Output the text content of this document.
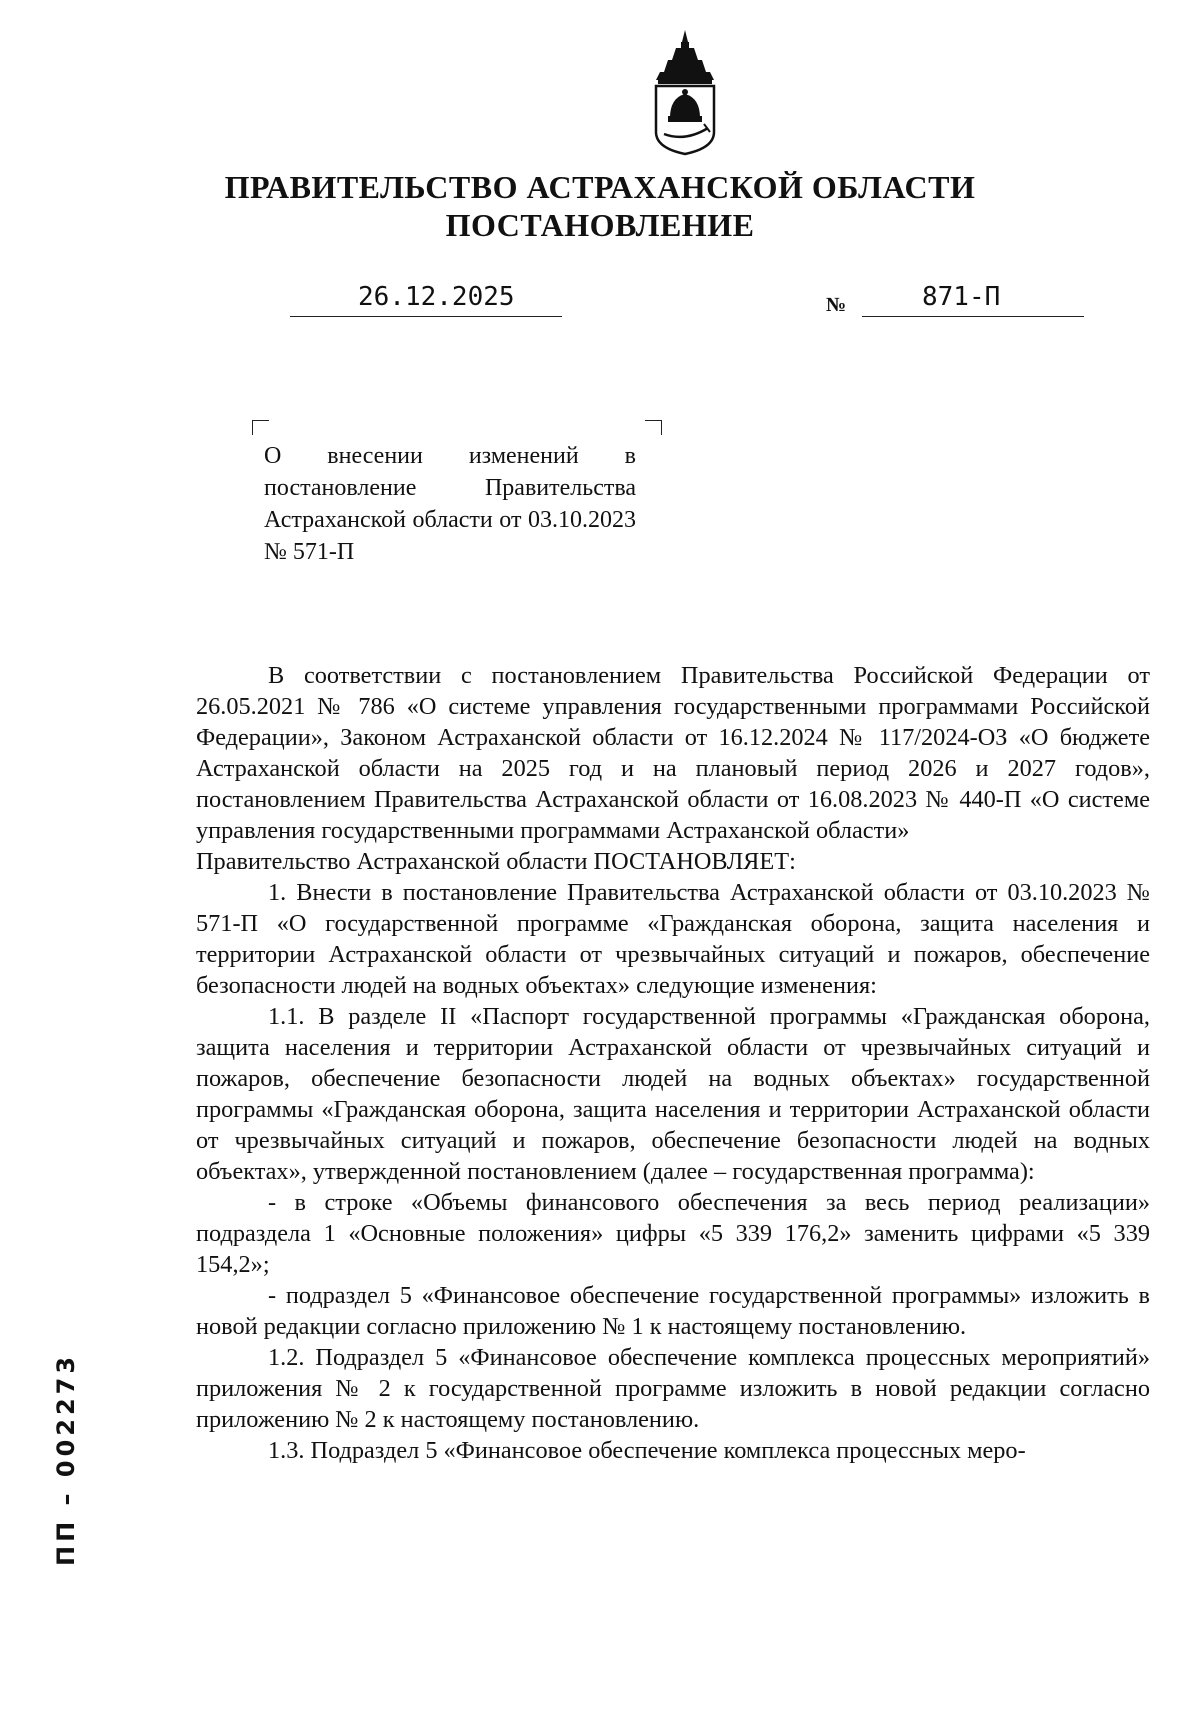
ПРАВИТЕЛЬСТВО АСТРАХАНСКОЙ ОБЛАСТИ
ПОСТАНОВЛЕНИЕ
26.12.2025	№	871-П
О внесении изменений в постановление Правительства Астраханской области от 03.10.2023 № 571-П

В соответствии с постановлением Правительства Российской Федерации от 26.05.2021 № 786 «О системе управления государственными программами Российской Федерации», Законом Астраханской области от 16.12.2024 № 117/2024-ОЗ «О бюджете Астраханской области на 2025 год и на плановый период 2026 и 2027 годов», постановлением Правительства Астраханской области от 16.08.2023 № 440-П «О системе управления государственными программами Астраханской области»

Правительство Астраханской области ПОСТАНОВЛЯЕТ:

1. Внести в постановление Правительства Астраханской области от 03.10.2023 № 571-П «О государственной программе «Гражданская оборона, защита населения и территории Астраханской области от чрезвычайных ситуаций и пожаров, обеспечение безопасности людей на водных объектах» следующие изменения:

1.1. В разделе II «Паспорт государственной программы «Гражданская оборона, защита населения и территории Астраханской области от чрезвычайных ситуаций и пожаров, обеспечение безопасности людей на водных объектах» государственной программы «Гражданская оборона, защита населения и территории Астраханской области от чрезвычайных ситуаций и пожаров, обеспечение безопасности людей на водных объектах», утвержденной постановлением (далее – государственная программа):

- в строке «Объемы финансового обеспечения за весь период реализации» подраздела 1 «Основные положения» цифры «5 339 176,2» заменить цифрами «5 339 154,2»;

- подраздел 5 «Финансовое обеспечение государственной программы» изложить в новой редакции согласно приложению № 1 к настоящему постановлению.

1.2. Подраздел 5 «Финансовое обеспечение комплекса процессных мероприятий» приложения № 2 к государственной программе изложить в новой редакции согласно приложению № 2 к настоящему постановлению.

1.3. Подраздел 5 «Финансовое обеспечение комплекса процессных меро-

ПП – 002273
